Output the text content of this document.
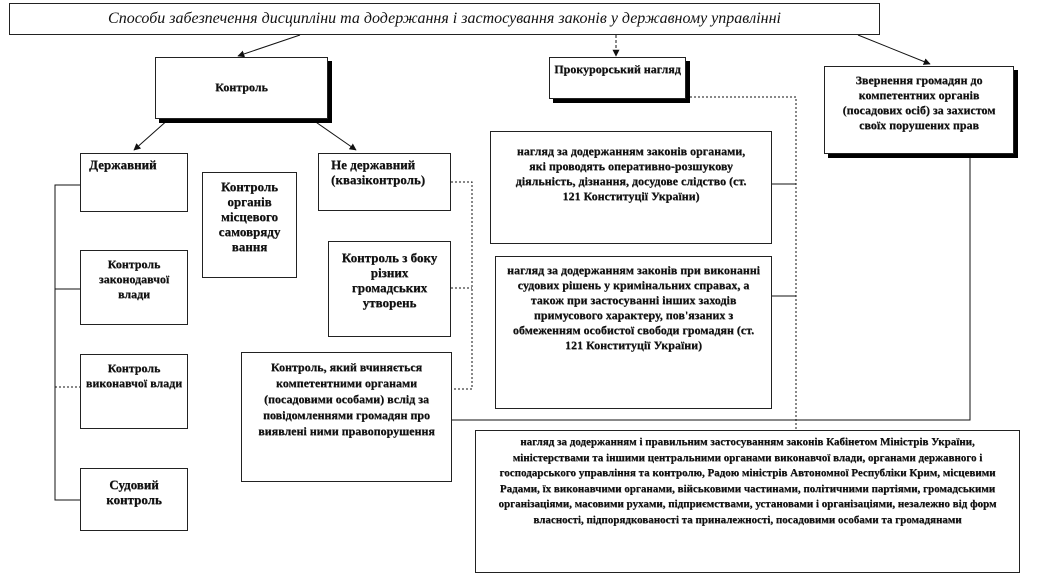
Способи забезпечення дисципліни та додержання і застосування законів у державному управлінні
Контроль
Прокурорський нагляд
Звернення громадян до компетентних органів (посадових осіб) за захистом своїх порушених прав
Державний	Не державний (квазіконтроль)
Контроль органів місцевого самовряду вання
Контроль законодавчої влади
Контроль з боку різних громадських утворень
Контроль виконавчої влади
Контроль, який вчиняється компетентними органами (посадовими особами) вслід за повідомленнями громадян про виявлені ними правопорушення
Судовий контроль
нагляд за додержанням законів органами, які проводять оперативно-розшукову діяльність, дізнання, досудове слідство (ст. 121 Конституції України)
нагляд за додержанням законів при виконанні судових рішень у кримінальних справах, а також при застосуванні інших заходів примусового характеру, пов'язаних з обмеженням особистої свободи громадян (ст. 121 Конституції України)
нагляд за додержанням і правильним застосуванням законів Кабінетом Міністрів України, міністерствами та іншими центральними органами виконавчої влади, органами державного і господарського управління та контролю, Радою міністрів Автономної Республіки Крим, місцевими Радами, їх виконавчими органами, військовими частинами, політичними партіями, громадськими організаціями, масовими рухами, підприємствами, установами і організаціями, незалежно від форм власності, підпорядкованості та приналежності, посадовими особами та громадянами
